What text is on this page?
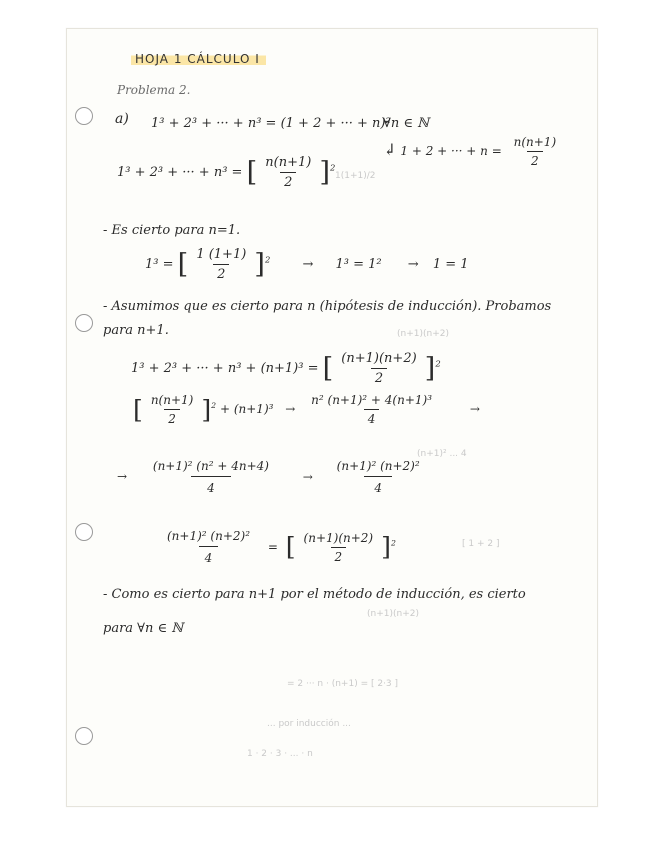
1(1+1)/2
(n+1)(n+2)
(n+1)² ... 4
[ 1 + 2 ]
(n+1)(n+2)
= 2 ··· n · (n+1) = [ 2·3 ]
... por inducción ...
1 · 2 · 3 · ... · n
HOJA 1 CÁLCULO I
Problema 2.
a) 1³ + 2³ + ··· + n³ = (1 + 2 + ··· + n)²
∀n ∈ ℕ
↲ 1 + 2 + ··· + $n = \frac{n(n+1)}{2}$
1³ + 2³ + ··· + n³ = [ $\frac{n(n+1)}{2} ]^2$
- Es cierto para n=1.
1³ = [ $\frac{1 (1+1)}{2} ]^2 \to 1^3 = 1^2 \to 1 = 1$
- Asumimos que es cierto para n (hipótesis de inducción). Probamos
para n+1.
1³ + 2³ + ··· + n³ + (n+1)³ = [ $\frac{(n+1)(n+2)}{2} ]^2$
[ $\frac{n(n+1)}{2} ]^2 + (n+1)^3 \to \frac{\text{n² (n+1)² + 4(n+1)³}}{4}$	→
→ $\frac{\text{(n+1)² (n² + 4n+4)}}{4} \to \frac{\text{(n+1)² (n+2)²}}{4}$
$\frac{\text{(n+1)² (n+2)²}}{4}$ = [ $\frac{(n+1)(n+2)}{2} ]^2$
- Como es cierto para n+1 por el método de inducción, es cierto
para ∀n ∈ ℕ
